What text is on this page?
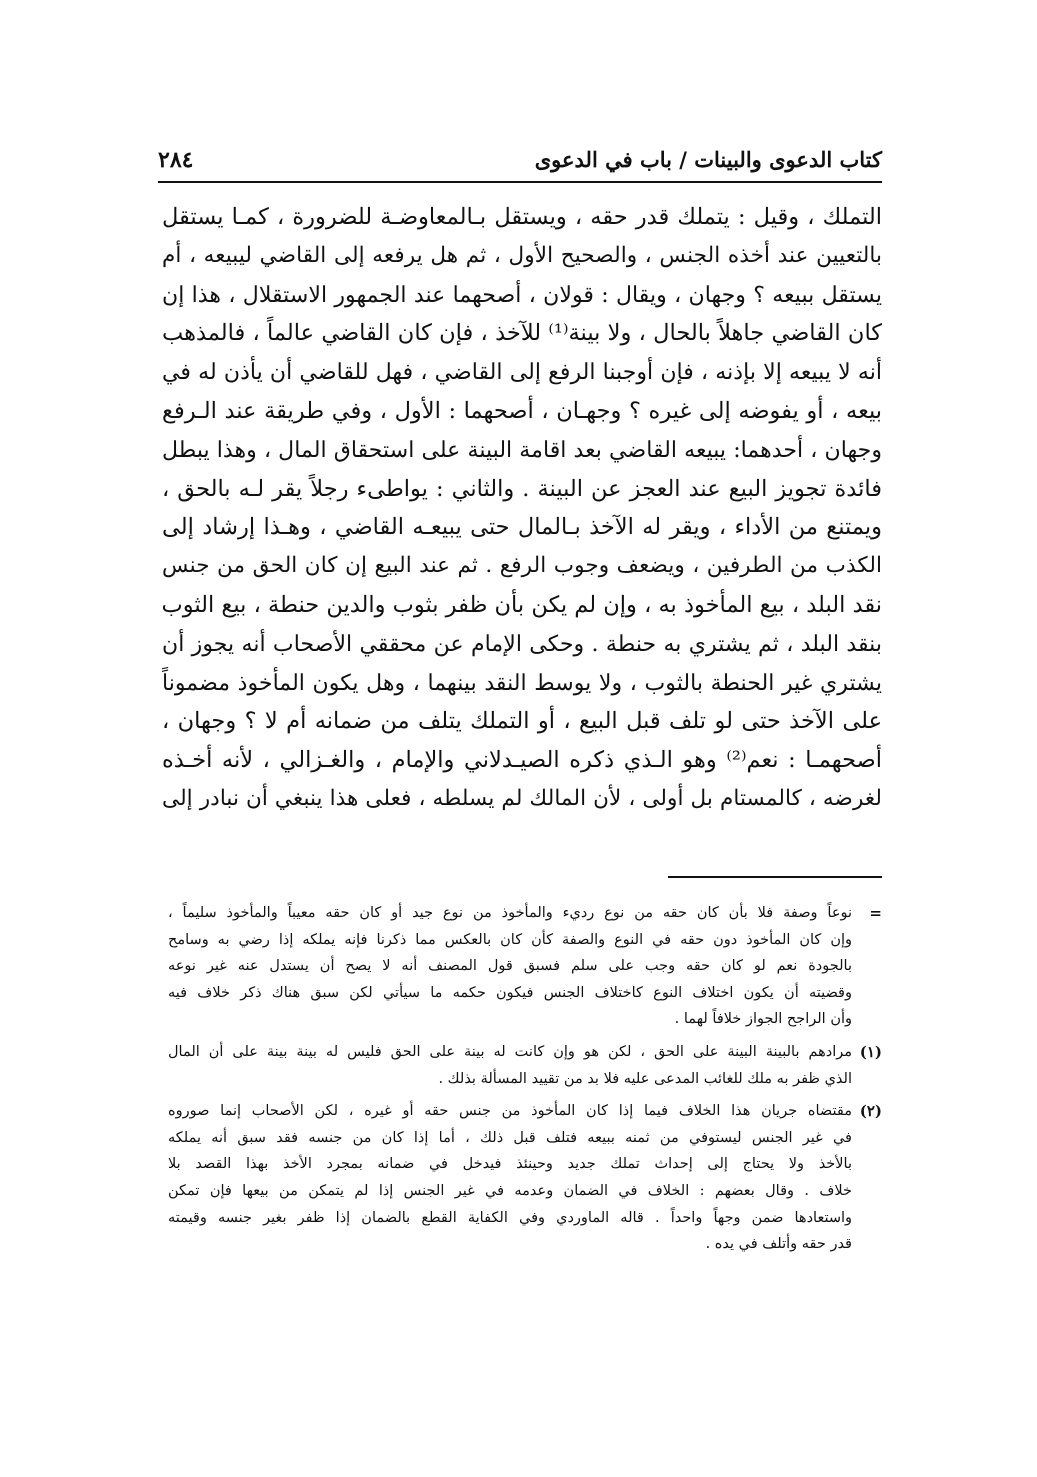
كتاب الدعوى والبينات / باب في الدعوى
٢٨٤
التملك ، وقيل : يتملك قدر حقه ، ويستقل بـالمعاوضـة للضرورة ، كمـا يستقل
بالتعيين عند أخذه الجنس ، والصحيح الأول ، ثم هل يرفعه إلى القاضي ليبيعه ، أم
يستقل ببيعه ؟ وجهان ، ويقال : قولان ، أصحهما عند الجمهور الاستقلال ، هذا إن
كان القاضي جاهلاً بالحال ، ولا بينة⁽¹⁾ للآخذ ، فإن كان القاضي عالماً ، فالمذهب
أنه لا يبيعه إلا بإذنه ، فإن أوجبنا الرفع إلى القاضي ، فهل للقاضي أن يأذن له في
بيعه ، أو يفوضه إلى غيره ؟ وجهـان ، أصحهما : الأول ، وفي طريقة عند الـرفع
وجهان ، أحدهما: يبيعه القاضي بعد اقامة البينة على استحقاق المال ، وهذا يبطل
فائدة تجويز البيع عند العجز عن البينة . والثاني : يواطىء رجلاً يقر لـه بالحق ،
ويمتنع من الأداء ، ويقر له الآخذ بـالمال حتى يبيعـه القاضي ، وهـذا إرشاد إلى
الكذب من الطرفين ، ويضعف وجوب الرفع . ثم عند البيع إن كان الحق من جنس
نقد البلد ، بيع المأخوذ به ، وإن لم يكن بأن ظفر بثوب والدين حنطة ، بيع الثوب
بنقد البلد ، ثم يشتري به حنطة . وحكى الإمام عن محققي الأصحاب أنه يجوز أن
يشتري غير الحنطة بالثوب ، ولا يوسط النقد بينهما ، وهل يكون المأخوذ مضموناً
على الآخذ حتى لو تلف قبل البيع ، أو التملك يتلف من ضمانه أم لا ؟ وجهان ،
أصحهمـا : نعم⁽²⁾ وهو الـذي ذكره الصيـدلاني والإمام ، والغـزالي ، لأنه أخـذه
لغرضه ، كالمستام بل أولى ، لأن المالك لم يسلطه ، فعلى هذا ينبغي أن نبادر إلى
=
نوعاً وصفة فلا بأن كان حقه من نوع رديء والمأخوذ من نوع جيد أو كان حقه معيباً والمأخوذ سليماً ،
وإن كان المأخوذ دون حقه في النوع والصفة كأن كان بالعكس مما ذكرنا فإنه يملكه إذا رضي به وسامح
بالجودة نعم لو كان حقه وجب على سلم فسبق قول المصنف أنه لا يصح أن يستدل عنه غير نوعه
وقضيته أن يكون اختلاف النوع كاختلاف الجنس فيكون حكمه ما سيأتي لكن سبق هناك ذكر خلاف فيه
وأن الراجح الجواز خلافاً لهما .
(١)
مرادهم بالبينة البينة على الحق ، لكن هو وإن كانت له بينة على الحق فليس له بينة بينة على أن المال
الذي ظفر به ملك للغائب المدعى عليه فلا بد من تقييد المسألة بذلك .
(٢)
مقتضاه جريان هذا الخلاف فيما إذا كان المأخوذ من جنس حقه أو غيره ، لكن الأصحاب إنما صوروه
في غير الجنس ليستوفي من ثمنه ببيعه فتلف قبل ذلك ، أما إذا كان من جنسه فقد سبق أنه يملكه
بالأخذ ولا يحتاج إلى إحداث تملك جديد وحينئذ فيدخل في ضمانه بمجرد الأخذ بهذا القصد بلا
خلاف . وقال بعضهم : الخلاف في الضمان وعدمه في غير الجنس إذا لم يتمكن من بيعها فإن تمكن
واستعادها ضمن وجهاً واحداً . قاله الماوردي وفي الكفاية القطع بالضمان إذا ظفر بغير جنسه وقيمته
قدر حقه وأتلف في يده .
